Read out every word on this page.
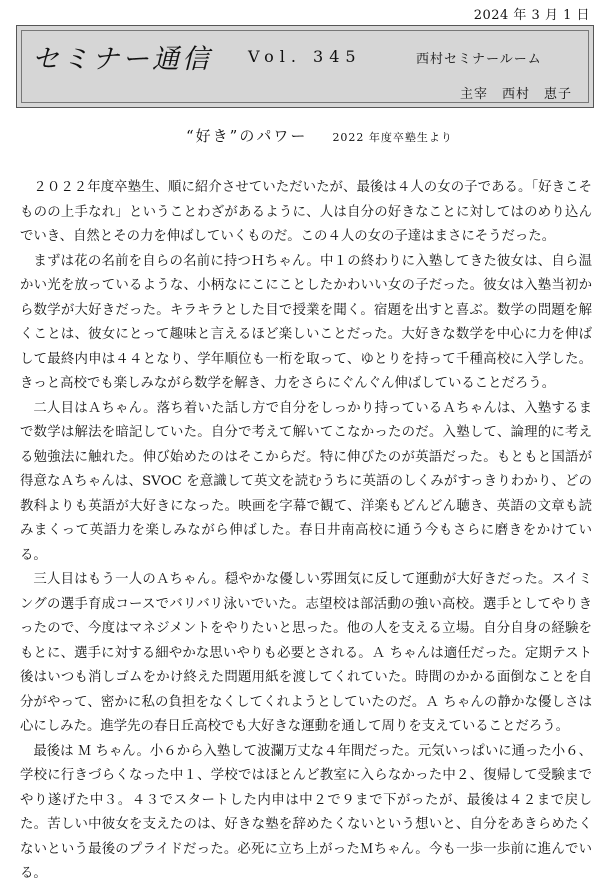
2024 年 3 月 1 日
セミナー通信 Vol. 345	西村セミナールーム
主宰　西村　恵子
“好き”のパワー 2022 年度卒塾生より

２０２２年度卒塾生、順に紹介させていただいたが、最後は４人の女の子である。「好きこそものの上手なれ」ということわざがあるように、人は自分の好きなことに対してはのめり込んでいき、自然とその力を伸ばしていくものだ。この４人の女の子達はまさにそうだった。

まずは花の名前を自らの名前に持つＨちゃん。中１の終わりに入塾してきた彼女は、自ら温かい光を放っているような、小柄なにこにことしたかわいい女の子だった。彼女は入塾当初から数学が大好きだった。キラキラとした目で授業を聞く。宿題を出すと喜ぶ。数学の問題を解くことは、彼女にとって趣味と言えるほど楽しいことだった。大好きな数学を中心に力を伸ばして最終内申は４４となり、学年順位も一桁を取って、ゆとりを持って千種高校に入学した。きっと高校でも楽しみながら数学を解き、力をさらにぐんぐん伸ばしていることだろう。

二人目はＡちゃん。落ち着いた話し方で自分をしっかり持っているＡちゃんは、入塾するまで数学は解法を暗記していた。自分で考えて解いてこなかったのだ。入塾して、論理的に考える勉強法に触れた。伸び始めたのはそこからだ。特に伸びたのが英語だった。もともと国語が得意なＡちゃんは、SVOC を意識して英文を読むうちに英語のしくみがすっきりわかり、どの教科よりも英語が大好きになった。映画を字幕で観て、洋楽もどんどん聴き、英語の文章も読みまくって英語力を楽しみながら伸ばした。春日井南高校に通う今もさらに磨きをかけている。

三人目はもう一人のＡちゃん。穏やかな優しい雰囲気に反して運動が大好きだった。スイミングの選手育成コースでバリバリ泳いでいた。志望校は部活動の強い高校。選手としてやりきったので、今度はマネジメントをやりたいと思った。他の人を支える立場。自分自身の経験をもとに、選手に対する細やかな思いやりも必要とされる。Ａ ちゃんは適任だった。定期テスト後はいつも消しゴムをかけ終えた問題用紙を渡してくれていた。時間のかかる面倒なことを自分がやって、密かに私の負担をなくしてくれようとしていたのだ。Ａ ちゃんの静かな優しさは心にしみた。進学先の春日丘高校でも大好きな運動を通して周りを支えていることだろう。

最後は Ｍ ちゃん。小６から入塾して波瀾万丈な４年間だった。元気いっぱいに通った小６、学校に行きづらくなった中１、学校ではほとんど教室に入らなかった中２、復帰して受験までやり遂げた中３。４３でスタートした内申は中２で９まで下がったが、最後は４２まで戻した。苦しい中彼女を支えたのは、好きな塾を辞めたくないという想いと、自分をあきらめたくないという最後のプライドだった。必死に立ち上がったＭちゃん。今も一歩一歩前に進んでいる。
